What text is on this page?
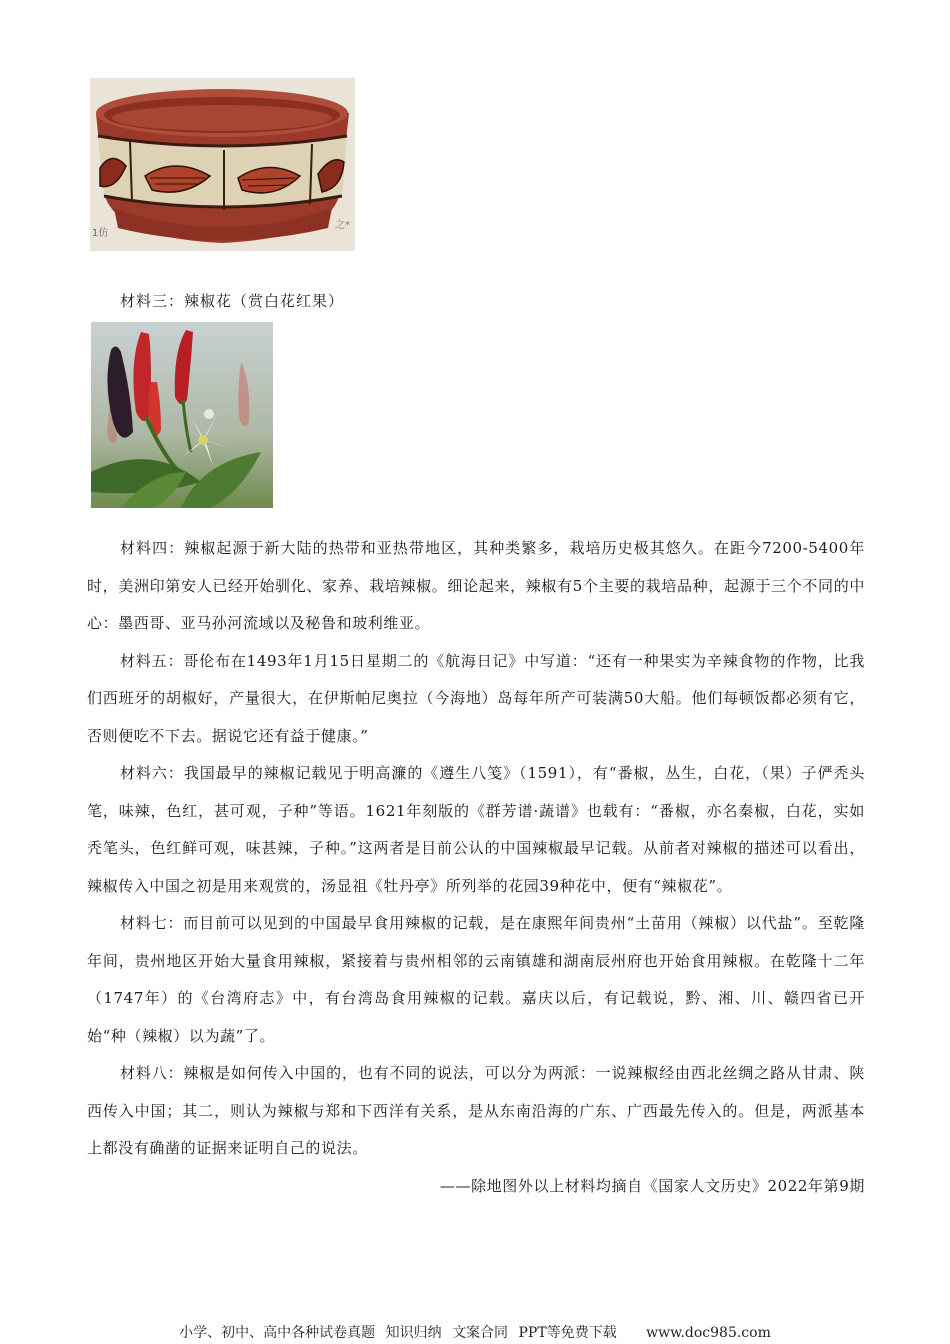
1仿
之*
材料三：辣椒花（赏白花红果）

材料四：辣椒起源于新大陆的热带和亚热带地区，其种类繁多，栽培历史极其悠久。在距今7200-5400年时，美洲印第安人已经开始驯化、家养、栽培辣椒。细论起来，辣椒有5个主要的栽培品种，起源于三个不同的中心：墨西哥、亚马孙河流域以及秘鲁和玻利维亚。

材料五：哥伦布在1493年1月15日星期二的《航海日记》中写道：“还有一种果实为辛辣食物的作物，比我们西班牙的胡椒好，产量很大，在伊斯帕尼奥拉（今海地）岛每年所产可装满50大船。他们每顿饭都必须有它，否则便吃不下去。据说它还有益于健康。”

材料六：我国最早的辣椒记载见于明高濂的《遵生八笺》（1591），有“番椒，丛生，白花，（果）子俨秃头笔，味辣，色红，甚可观，子种”等语。1621年刻版的《群芳谱·蔬谱》也载有：“番椒，亦名秦椒，白花，实如秃笔头，色红鲜可观，味甚辣，子种。”这两者是目前公认的中国辣椒最早记载。从前者对辣椒的描述可以看出，辣椒传入中国之初是用来观赏的，汤显祖《牡丹亭》所列举的花园39种花中，便有“辣椒花”。

材料七：而目前可以见到的中国最早食用辣椒的记载，是在康熙年间贵州“土苗用（辣椒）以代盐”。至乾隆年间，贵州地区开始大量食用辣椒，紧接着与贵州相邻的云南镇雄和湖南辰州府也开始食用辣椒。在乾隆十二年（1747年）的《台湾府志》中，有台湾岛食用辣椒的记载。嘉庆以后，有记载说，黔、湘、川、赣四省已开始“种（辣椒）以为蔬”了。

材料八：辣椒是如何传入中国的，也有不同的说法，可以分为两派：一说辣椒经由西北丝绸之路从甘肃、陕西传入中国；其二，则认为辣椒与郑和下西洋有关系，是从东南沿海的广东、广西最先传入的。但是，两派基本上都没有确凿的证据来证明自己的说法。

——除地图外以上材料均摘自《国家人文历史》2022年第9期

小学、初中、高中各种试卷真题 知识归纳 文案合同 PPT等免费下载 www.doc985.com
